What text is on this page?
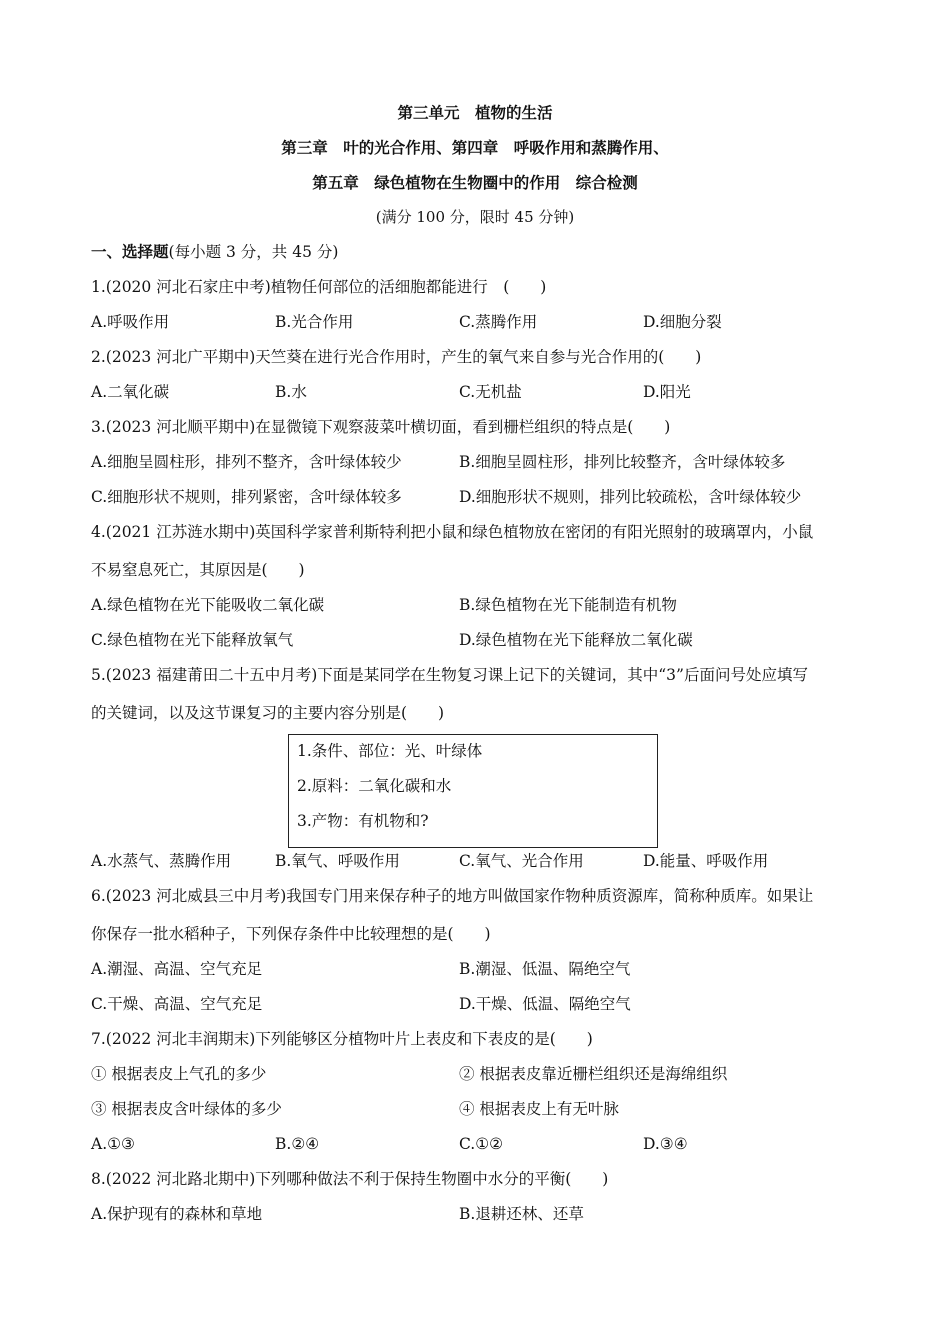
第三单元　植物的生活
第三章　叶的光合作用、第四章　呼吸作用和蒸腾作用、
第五章　绿色植物在生物圈中的作用　综合检测
(满分 100 分，限时 45 分钟)
一、选择题(每小题 3 分，共 45 分)
1.(2020 河北石家庄中考)植物任何部位的活细胞都能进行　(　　)
A.呼吸作用	B.光合作用	C.蒸腾作用	D.细胞分裂
2.(2023 河北广平期中)天竺葵在进行光合作用时，产生的氧气来自参与光合作用的(　　)
A.二氧化碳	B.水	C.无机盐	D.阳光
3.(2023 河北顺平期中)在显微镜下观察菠菜叶横切面，看到栅栏组织的特点是(　　)
A.细胞呈圆柱形，排列不整齐，含叶绿体较少	B.细胞呈圆柱形，排列比较整齐，含叶绿体较多
C.细胞形状不规则，排列紧密，含叶绿体较多	D.细胞形状不规则，排列比较疏松，含叶绿体较少
4.(2021 江苏涟水期中)英国科学家普利斯特利把小鼠和绿色植物放在密闭的有阳光照射的玻璃罩内，小鼠
不易窒息死亡，其原因是(　　)
A.绿色植物在光下能吸收二氧化碳	B.绿色植物在光下能制造有机物
C.绿色植物在光下能释放氧气	D.绿色植物在光下能释放二氧化碳
5.(2023 福建莆田二十五中月考)下面是某同学在生物复习课上记下的关键词，其中“3”后面问号处应填写
的关键词，以及这节课复习的主要内容分别是(　　)
1.条件、部位：光、叶绿体
2.原料：二氧化碳和水
3.产物：有机物和?
A.水蒸气、蒸腾作用	B.氧气、呼吸作用	C.氧气、光合作用	D.能量、呼吸作用
6.(2023 河北威县三中月考)我国专门用来保存种子的地方叫做国家作物种质资源库，简称种质库。如果让
你保存一批水稻种子，下列保存条件中比较理想的是(　　)
A.潮湿、高温、空气充足	B.潮湿、低温、隔绝空气
C.干燥、高温、空气充足	D.干燥、低温、隔绝空气
7.(2022 河北丰润期末)下列能够区分植物叶片上表皮和下表皮的是(　　)
① 根据表皮上气孔的多少	② 根据表皮靠近栅栏组织还是海绵组织
③ 根据表皮含叶绿体的多少	④ 根据表皮上有无叶脉
A.①③	B.②④	C.①②	D.③④
8.(2022 河北路北期中)下列哪种做法不利于保持生物圈中水分的平衡(　　)
A.保护现有的森林和草地	B.退耕还林、还草
